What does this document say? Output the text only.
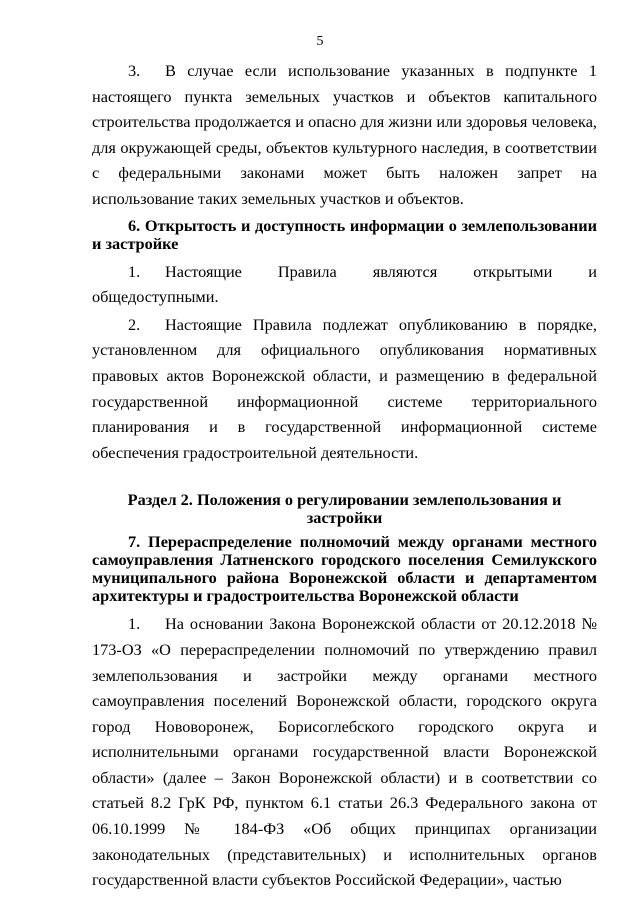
5

3. В случае если использование указанных в подпункте 1 настоящего пункта земельных участков и объектов капитального строительства продолжается и опасно для жизни или здоровья человека, для окружающей среды, объектов культурного наследия, в соответствии с федеральными законами может быть наложен запрет на использование таких земельных участков и объектов.

6. Открытость и доступность информации о землепользовании и застройке

1. Настоящие Правила являются открытыми и общедоступными.

2. Настоящие Правила подлежат опубликованию в порядке, установленном для официального опубликования нормативных правовых актов Воронежской области, и размещению в федеральной государственной информационной системе территориального планирования и в государственной информационной системе обеспечения градостроительной деятельности.

Раздел 2. Положения о регулировании землепользования и застройки

7. Перераспределение полномочий между органами местного самоуправления Латненского городского поселения Семилукского муниципального района Воронежской области и департаментом архитектуры и градостроительства Воронежской области

1. На основании Закона Воронежской области от 20.12.2018 № 173-ОЗ «О перераспределении полномочий по утверждению правил землепользования и застройки между органами местного самоуправления поселений Воронежской области, городского округа город Нововоронеж, Борисоглебского городского округа и исполнительными органами государственной власти Воронежской области» (далее – Закон Воронежской области) и в соответствии со статьей 8.2 ГрК РФ, пунктом 6.1 статьи 26.3 Федерального закона от 06.10.1999 № 184-ФЗ «Об общих принципах организации законодательных (представительных) и исполнительных органов государственной власти субъектов Российской Федерации», частью
